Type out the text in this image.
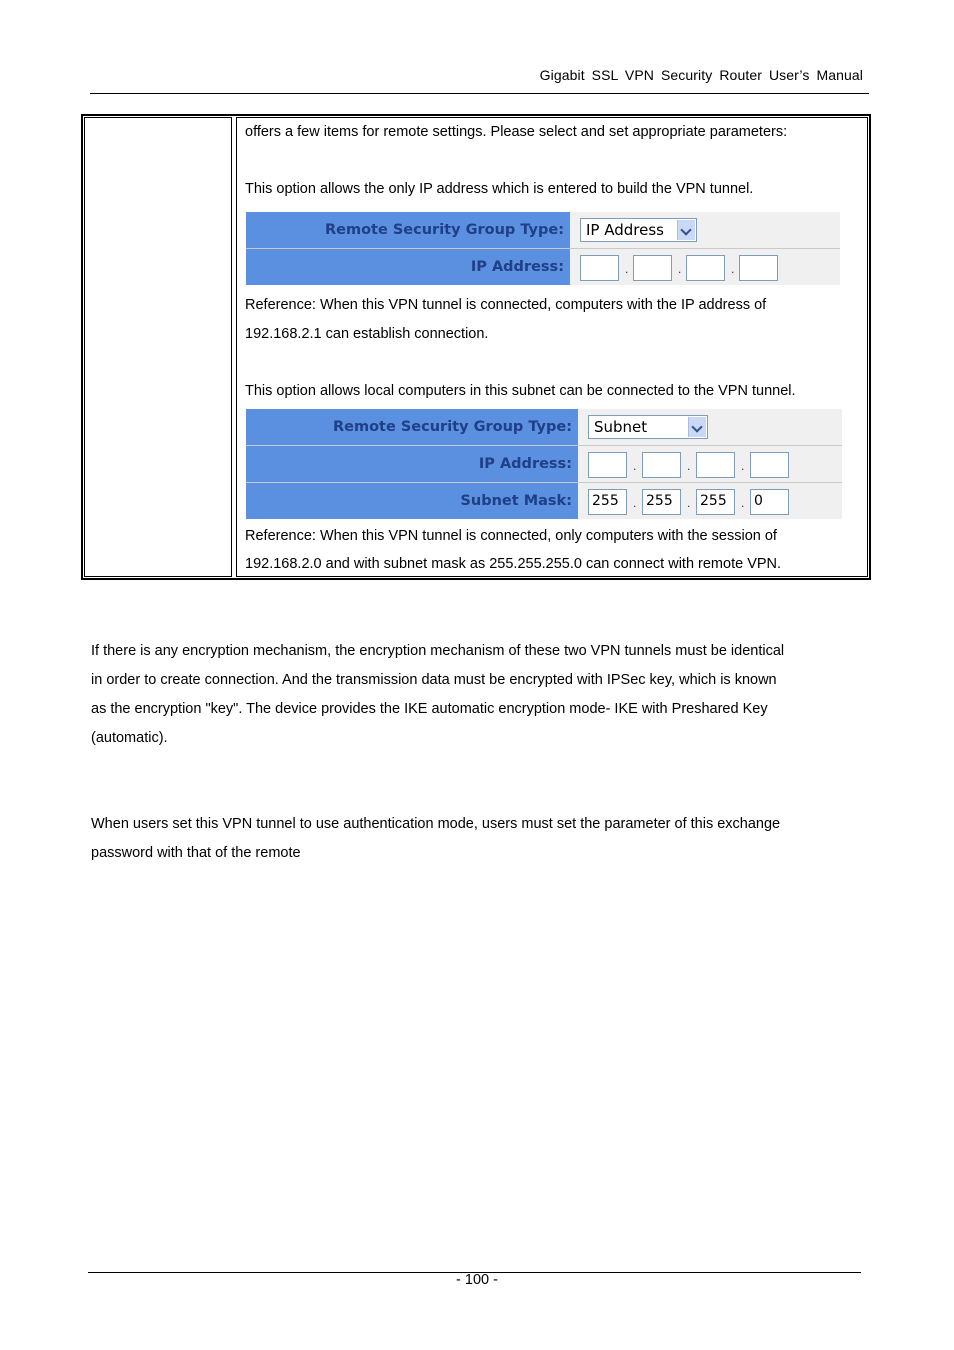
Gigabit SSL VPN Security Router User’s Manual
offers a few items for remote settings. Please select and set appropriate parameters:
This option allows the only IP address which is entered to build the VPN tunnel.
Remote Security Group Type:	IP Address
IP Address:	.	.	.
Reference: When this VPN tunnel is connected, computers with the IP address of
192.168.2.1 can establish connection.
This option allows local computers in this subnet can be connected to the VPN tunnel.
Remote Security Group Type:	Subnet
IP Address:	.	.	.
Subnet Mask:	255	. 255	. 255	. 0
Reference: When this VPN tunnel is connected, only computers with the session of
192.168.2.0 and with subnet mask as 255.255.255.0 can connect with remote VPN.
If there is any encryption mechanism, the encryption mechanism of these two VPN tunnels must be identical
in order to create connection. And the transmission data must be encrypted with IPSec key, which is known
as the encryption "key". The device provides the IKE automatic encryption mode- IKE with Preshared Key
(automatic).
When users set this VPN tunnel to use authentication mode, users must set the parameter of this exchange
password with that of the remote
- 100 -
